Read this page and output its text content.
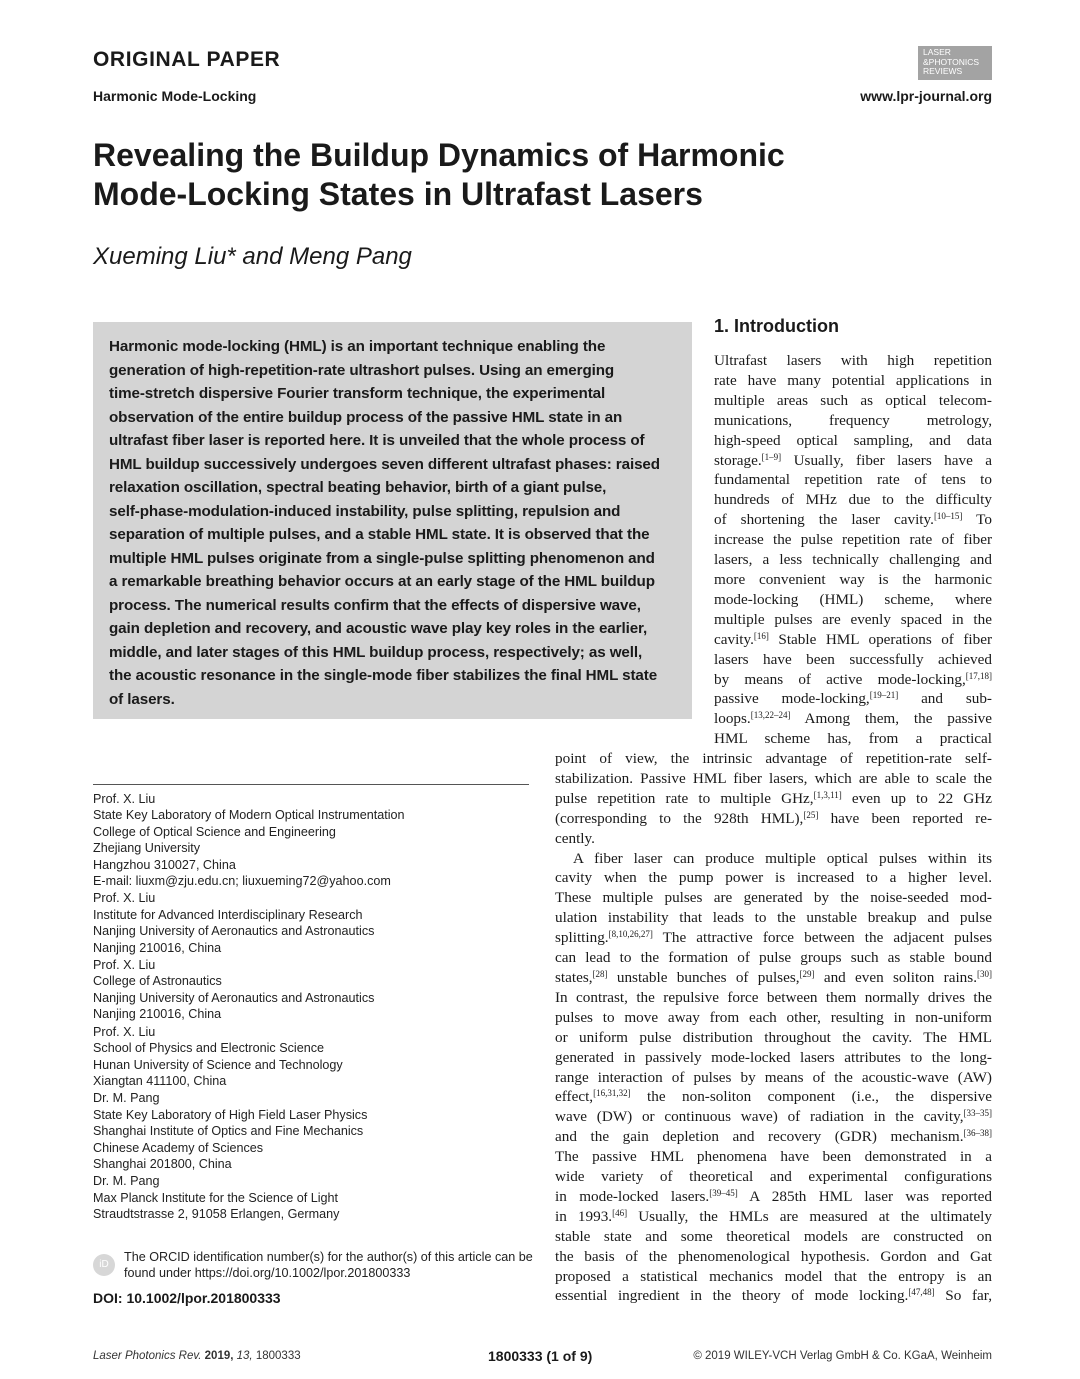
ORIGINAL PAPER
Harmonic Mode-Locking
LASER
&PHOTONICS
REVIEWS
www.lpr-journal.org
Revealing the Buildup Dynamics of Harmonic
Mode-Locking States in Ultrafast Lasers
Xueming Liu* and Meng Pang
Harmonic mode-locking (HML) is an important technique enabling the
generation of high-repetition-rate ultrashort pulses. Using an emerging
time-stretch dispersive Fourier transform technique, the experimental
observation of the entire buildup process of the passive HML state in an
ultrafast fiber laser is reported here. It is unveiled that the whole process of
HML buildup successively undergoes seven different ultrafast phases: raised
relaxation oscillation, spectral beating behavior, birth of a giant pulse,
self-phase-modulation-induced instability, pulse splitting, repulsion and
separation of multiple pulses, and a stable HML state. It is observed that the
multiple HML pulses originate from a single-pulse splitting phenomenon and
a remarkable breathing behavior occurs at an early stage of the HML buildup
process. The numerical results confirm that the effects of dispersive wave,
gain depletion and recovery, and acoustic wave play key roles in the earlier,
middle, and later stages of this HML buildup process, respectively; as well,
the acoustic resonance in the single-mode fiber stabilizes the final HML state
of lasers.
1. Introduction
Ultrafast lasers with high repetition
rate have many potential applications in
multiple areas such as optical telecom-
munications, frequency metrology,
high-speed optical sampling, and data
storage.[1–9] Usually, fiber lasers have a
fundamental repetition rate of tens to
hundreds of MHz due to the difficulty
of shortening the laser cavity.[10–15] To
increase the pulse repetition rate of fiber
lasers, a less technically challenging and
more convenient way is the harmonic
mode-locking (HML) scheme, where
multiple pulses are evenly spaced in the
cavity.[16] Stable HML operations of fiber
lasers have been successfully achieved
by means of active mode-locking,[17,18]
passive mode-locking,[19–21] and sub-
loops.[13,22–24] Among them, the passive
HML scheme has, from a practical
point of view, the intrinsic advantage of repetition-rate self-
stabilization. Passive HML fiber lasers, which are able to scale the
pulse repetition rate to multiple GHz,[1,3,11] even up to 22 GHz
(corresponding to the 928th HML),[25] have been reported re-
cently.
A fiber laser can produce multiple optical pulses within its
cavity when the pump power is increased to a higher level.
These multiple pulses are generated by the noise-seeded mod-
ulation instability that leads to the unstable breakup and pulse
splitting.[8,10,26,27] The attractive force between the adjacent pulses
can lead to the formation of pulse groups such as stable bound
states,[28] unstable bunches of pulses,[29] and even soliton rains.[30]
In contrast, the repulsive force between them normally drives the
pulses to move away from each other, resulting in non-uniform
or uniform pulse distribution throughout the cavity. The HML
generated in passively mode-locked lasers attributes to the long-
range interaction of pulses by means of the acoustic-wave (AW)
effect,[16,31,32] the non-soliton component (i.e., the dispersive
wave (DW) or continuous wave) of radiation in the cavity,[33–35]
and the gain depletion and recovery (GDR) mechanism.[36–38]
The passive HML phenomena have been demonstrated in a
wide variety of theoretical and experimental configurations
in mode-locked lasers.[39–45] A 285th HML laser was reported
in 1993.[46] Usually, the HMLs are measured at the ultimately
stable state and some theoretical models are constructed on
the basis of the phenomenological hypothesis. Gordon and Gat
proposed a statistical mechanics model that the entropy is an
essential ingredient in the theory of mode locking.[47,48] So far,
Prof. X. Liu
State Key Laboratory of Modern Optical Instrumentation
College of Optical Science and Engineering
Zhejiang University
Hangzhou 310027, China
E-mail: liuxm@zju.edu.cn; liuxueming72@yahoo.com
Prof. X. Liu
Institute for Advanced Interdisciplinary Research
Nanjing University of Aeronautics and Astronautics
Nanjing 210016, China
Prof. X. Liu
College of Astronautics
Nanjing University of Aeronautics and Astronautics
Nanjing 210016, China
Prof. X. Liu
School of Physics and Electronic Science
Hunan University of Science and Technology
Xiangtan 411100, China
Dr. M. Pang
State Key Laboratory of High Field Laser Physics
Shanghai Institute of Optics and Fine Mechanics
Chinese Academy of Sciences
Shanghai 201800, China
Dr. M. Pang
Max Planck Institute for the Science of Light
Straudtstrasse 2, 91058 Erlangen, Germany
iD
The ORCID identification number(s) for the author(s) of this article can be found under https://doi.org/10.1002/lpor.201800333
DOI: 10.1002/lpor.201800333
Laser Photonics Rev. 2019, 13, 1800333	1800333 (1 of 9)	© 2019 WILEY-VCH Verlag GmbH & Co. KGaA, Weinheim
